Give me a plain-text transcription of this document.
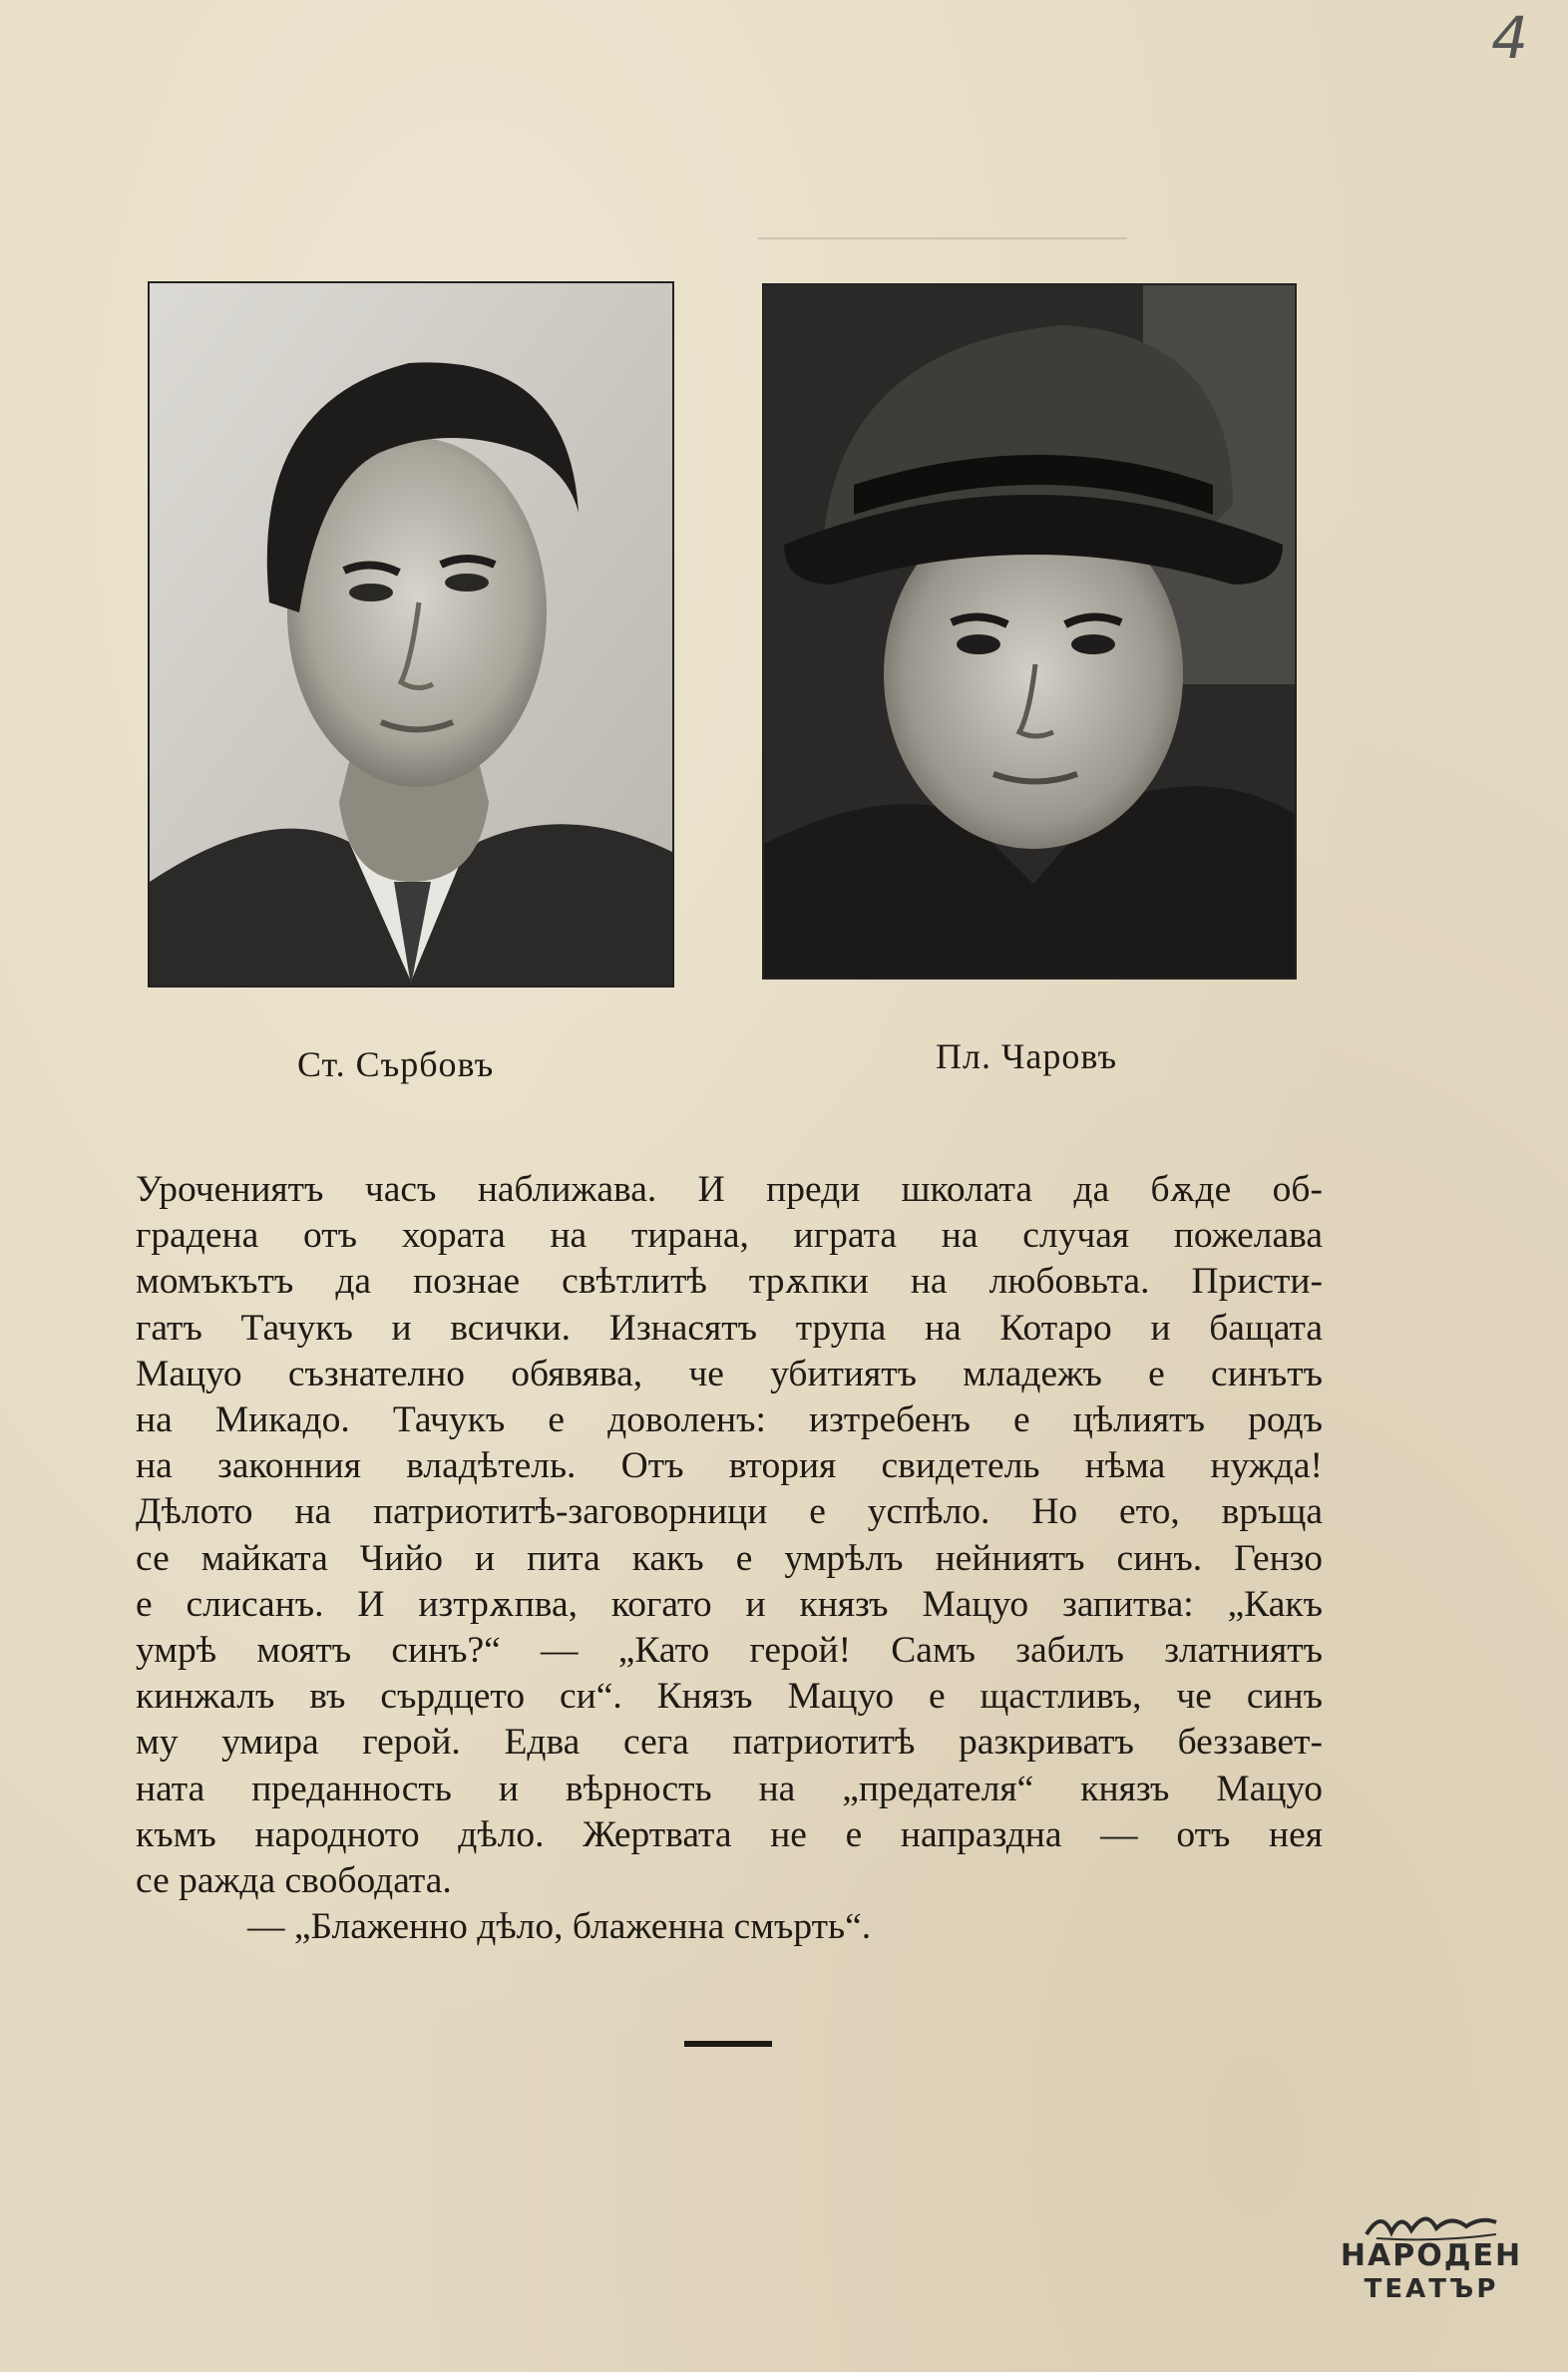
4
Ст. Сърбовъ	Пл. Чаровъ
Урочениятъ часъ наближава. И преди школата да бѫде об-
градена отъ хората на тирана, играта на случая пожелава
момъкътъ да познае свѣтлитѣ трѫпки на любовьта. Присти-
гатъ Тачукъ и всички. Изнасятъ трупа на Котаро и бащата
Мацуо съзнателно обявява, че убитиятъ младежъ е синътъ
на Микадо. Тачукъ е доволенъ: изтребенъ е цѣлиятъ родъ
на законния владѣтель. Отъ втория свидетель нѣма нужда!
Дѣлото на патриотитѣ-заговорници е успѣло. Но ето, връща
се майката Чийо и пита какъ е умрѣлъ нейниятъ синъ. Гензо
е слисанъ. И изтрѫпва, когато и князъ Мацуо запитва: „Какъ
умрѣ моятъ синъ?“ — „Като герой! Самъ забилъ златниятъ
кинжалъ въ сърдцето си“. Князъ Мацуо е щастливъ, че синъ
му умира герой. Едва сега патриотитѣ разкриватъ беззавет-
ната преданность и вѣрность на „предателя“ князъ Мацуо
къмъ народното дѣло. Жертвата не е напразднa — отъ нея
се ражда свободата.
— „Блаженно дѣло, блаженна смърть“.
НАРОДЕН
ТЕАТЪР
